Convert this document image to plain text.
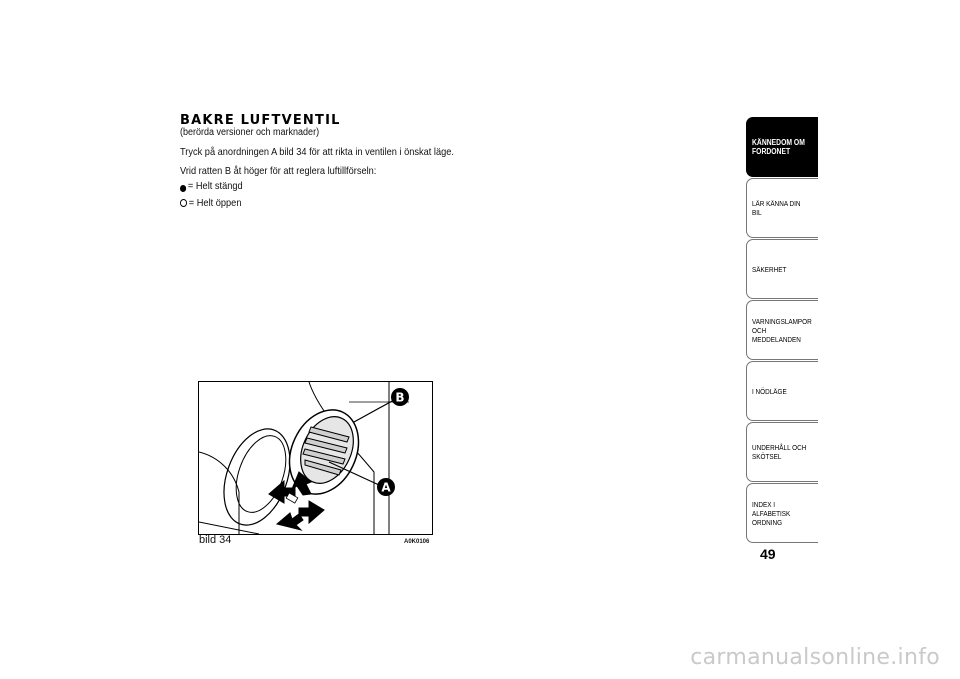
BAKRE LUFTVENTIL
(berörda versioner och marknader)
Tryck på anordningen A bild 34 för att rikta in ventilen i önskat läge.
Vrid ratten B åt höger för att reglera luftillförseln:
= Helt stängd
= Helt öppen
B
A
bild 34	A0K0106
KÄNNEDOM OM
FORDONET
LÄR KÄNNA DIN BIL
SÄKERHET
VARNINGSLAMPOR
OCH MEDDELANDEN
I NÖDLÄGE
UNDERHÅLL OCH
SKÖTSEL
INDEX I ALFABETISK
ORDNING
49
carmanualsonline.info
